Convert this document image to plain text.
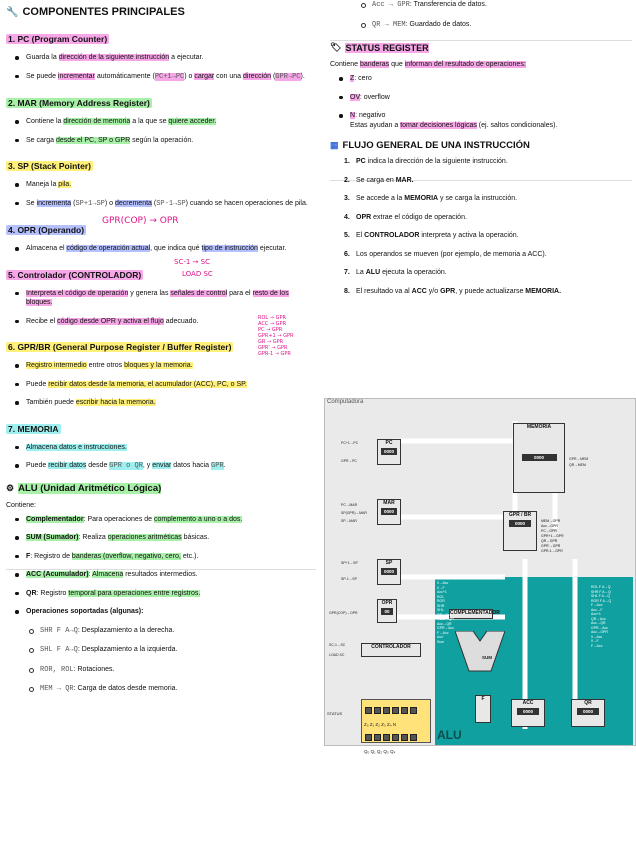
🔧 COMPONENTES PRINCIPALES
1. PC (Program Counter)
Guarda la dirección de la siguiente instrucción a ejecutar.
Se puede incrementar automáticamente (PC+1→PC) o cargar con una dirección (GPR→PC).
2. MAR (Memory Address Register)
Contiene la dirección de memoria a la que se quiere acceder.
Se carga desde el PC, SP o GPR según la operación.
3. SP (Stack Pointer)
Maneja la pila.
Se incrementa (SP+1→SP) o decrementa (SP-1→SP) cuando se hacen operaciones de pila.
4. OPR (Operando)
GPR(COP) → OPR
Almacena el código de operación actual, que indica qué tipo de instrucción ejecutar.
5. Controlador (CONTROLADOR)
SC-1 → SC
LOAD SC
Interpreta el código de operación y genera las señales de control para el resto de los bloques.
Recibe el código desde OPR y activa el flujo adecuado.
6. GPR/BR (General Purpose Register / Buffer Register)
ROL → GPR
ACC → GPR
PC → GPR
GPR+1 → GPR
GR → GPR
GPR' → GPR
GPR-1 → GPR
Registro intermedio entre otros bloques y la memoria.
Puede recibir datos desde la memoria, el acumulador (ACC), PC, o SP.
También puede escribir hacia la memoria.
7. MEMORIA
Almacena datos e instrucciones.
Puede recibir datos desde GPR o QR, y enviar datos hacia GPR.
⚙ ALU (Unidad Aritmético Lógica)
Contiene:
Complementador: Para operaciones de complemento a uno o a dos.
SUM (Sumador): Realiza operaciones aritméticas básicas.
F: Registro de banderas (overflow, negativo, cero, etc.).
ACC (Acumulador): Almacena resultados intermedios.
QR: Registro temporal para operaciones entre registros.
Operaciones soportadas (algunas):
SHR F A→Q: Desplazamiento a la derecha.
SHL F A→Q: Desplazamiento a la izquierda.
ROR, ROL: Rotaciones.
MEM → QR: Carga de datos desde memoria.
Acc → GPR: Transferencia de datos.
QR → MEM: Guardado de datos.
🏷 STATUS REGISTER
Contiene banderas que informan del resultado de operaciones:
Z: cero
OV: overflow
N: negativo
Estas ayudan a tomar decisiones lógicas (ej. saltos condicionales).
▦ FLUJO GENERAL DE UNA INSTRUCCIÓN
1. PC indica la dirección de la siguiente instrucción.
2. Se carga en MAR.
3. Se accede a la MEMORIA y se carga la instrucción.
4. OPR extrae el código de operación.
5. El CONTROLADOR interpreta y activa la operación.
6. Los operandos se mueven (por ejemplo, de memoria a ACC).
7. La ALU ejecuta la operación.
8. El resultado va al ACC y/o GPR, y puede actualizarse MEMORIA.
Computadora
PC
0000
MAR
0000
SP
0000
OPR
00
GPR / BR
0000
MEMORIA
0000
CONTROLADOR
COMPLEMENTADOR
SUM
F
ACC
0000
QR
0000
Z₀ Z₁ Z₂ Z₃ Z₄ N
Q₀ Q₁ Q₂ Q₃ Q₄
STATUS
ALU
PC+1→PC
GPR→PC
PC→MAR
SP(GPR)→MAR
SP→MAR
SP+1→SP
SP-1→SP
GPR(COP)→OPR
SC-1→SC
LOAD SC
GPR→MEM
QR→MEM
MEM→GPR
Acc→GPR
PC→GPR
GPR+1→GPR
QR→GPR
GPR'→GPR
GPR-1→GPR
0→Acc
0→F
Acc+1
ROL
ROR
SHR
SHL
QR→Acc
MEM→QR
Acc→QR
GPR→Acc
F→Acc
Acc'
Sum
ROL F A→Q
SHR F A→Q
SHL F A→Q
ROR F A→Q
F→Acc
Acc→F
Acc+1
QR→Acc
Acc→QR
GPR→Acc
Acc→GPR
0→Acc
0→F
F→Acc
